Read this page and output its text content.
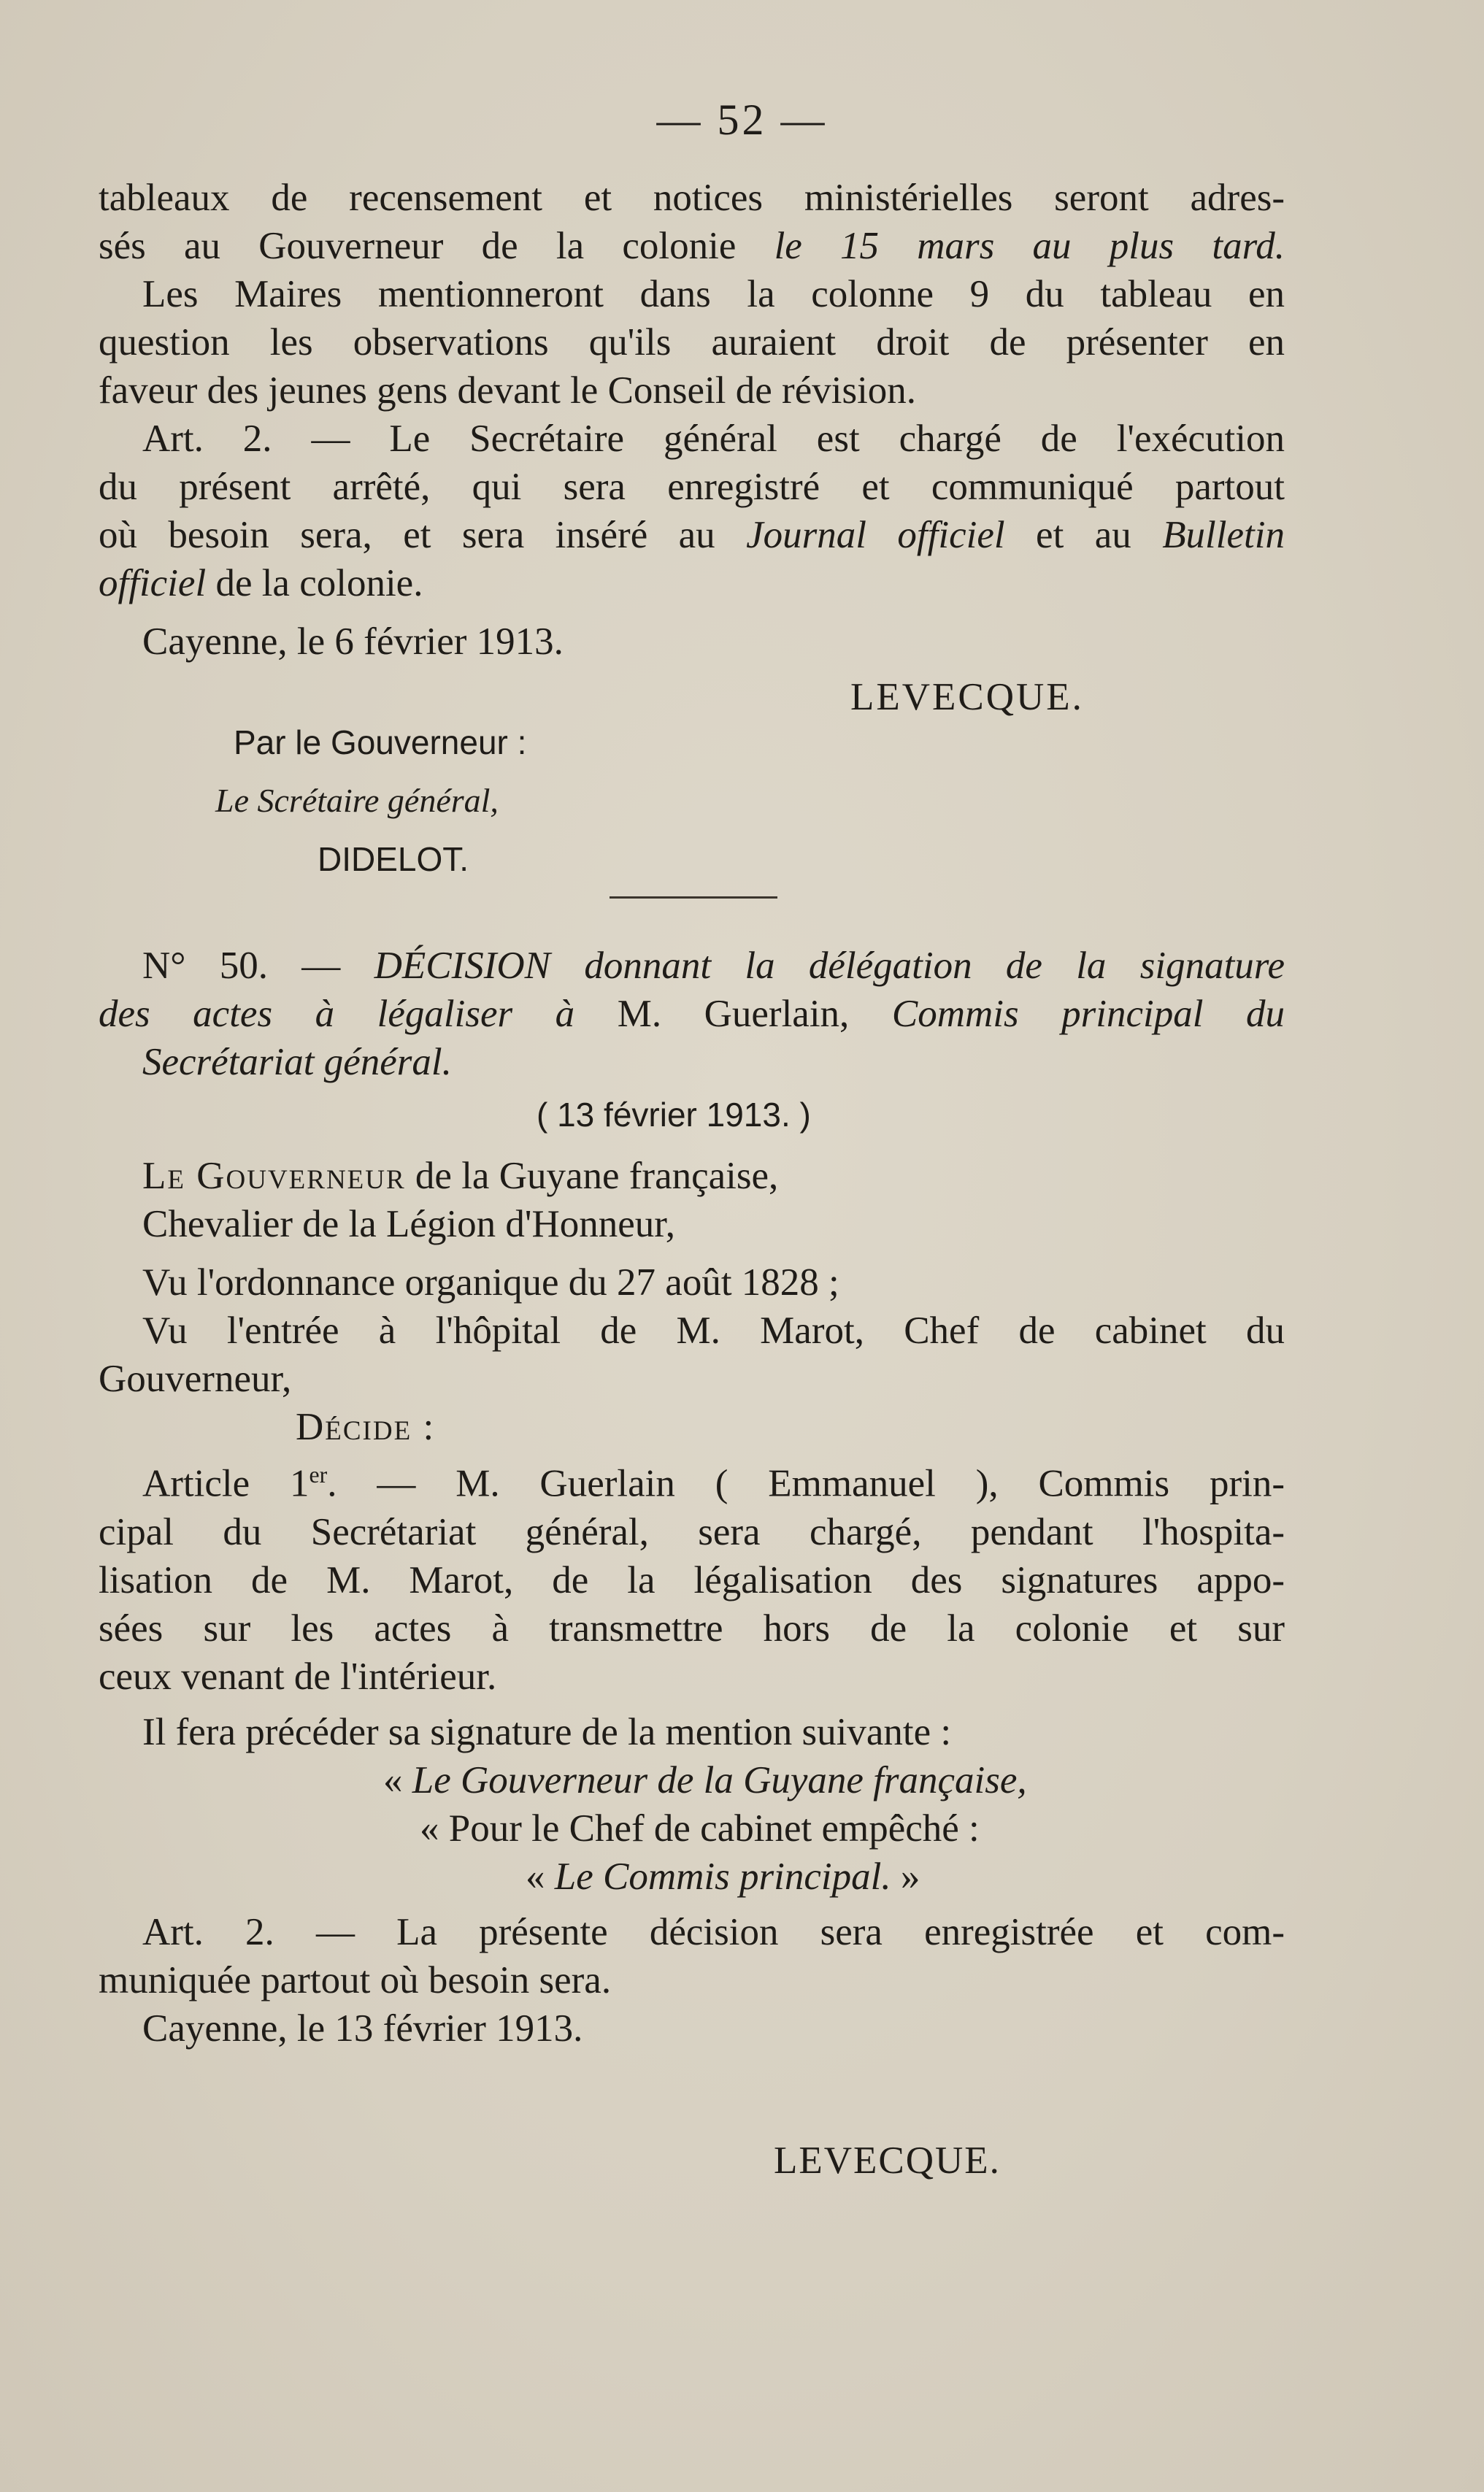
— 52 —

tableaux de recensement et notices ministérielles seront adres-

sés au Gouverneur de la colonie le 15 mars au plus tard.

Les Maires mentionneront dans la colonne 9 du tableau en

question les observations qu'ils auraient droit de présenter en

faveur des jeunes gens devant le Conseil de révision.

Art. 2. — Le Secrétaire général est chargé de l'exécution

du présent arrêté, qui sera enregistré et communiqué partout

où besoin sera, et sera inséré au Journal officiel et au Bulletin

officiel de la colonie.

Cayenne, le 6 février 1913.

LEVECQUE.
Par le Gouverneur :
Le Scrétaire général,
DIDELOT.

N° 50. — DÉCISION donnant la délégation de la signature

des actes à légaliser à M. Guerlain, Commis principal du

Secrétariat général.

( 13 février 1913. )

Le Gouverneur de la Guyane française,

Chevalier de la Légion d'Honneur,

Vu l'ordonnance organique du 27 août 1828 ;

Vu l'entrée à l'hôpital de M. Marot, Chef de cabinet du

Gouverneur,

Décide :

Article 1er. — M. Guerlain ( Emmanuel ), Commis prin-

cipal du Secrétariat général, sera chargé, pendant l'hospita-

lisation de M. Marot, de la légalisation des signatures appo-

sées sur les actes à transmettre hors de la colonie et sur

ceux venant de l'intérieur.

Il fera précéder sa signature de la mention suivante :

« Le Gouverneur de la Guyane française,

« Pour le Chef de cabinet empêché :

« Le Commis principal. »

Art. 2. — La présente décision sera enregistrée et com-

muniquée partout où besoin sera.

Cayenne, le 13 février 1913.

LEVECQUE.
